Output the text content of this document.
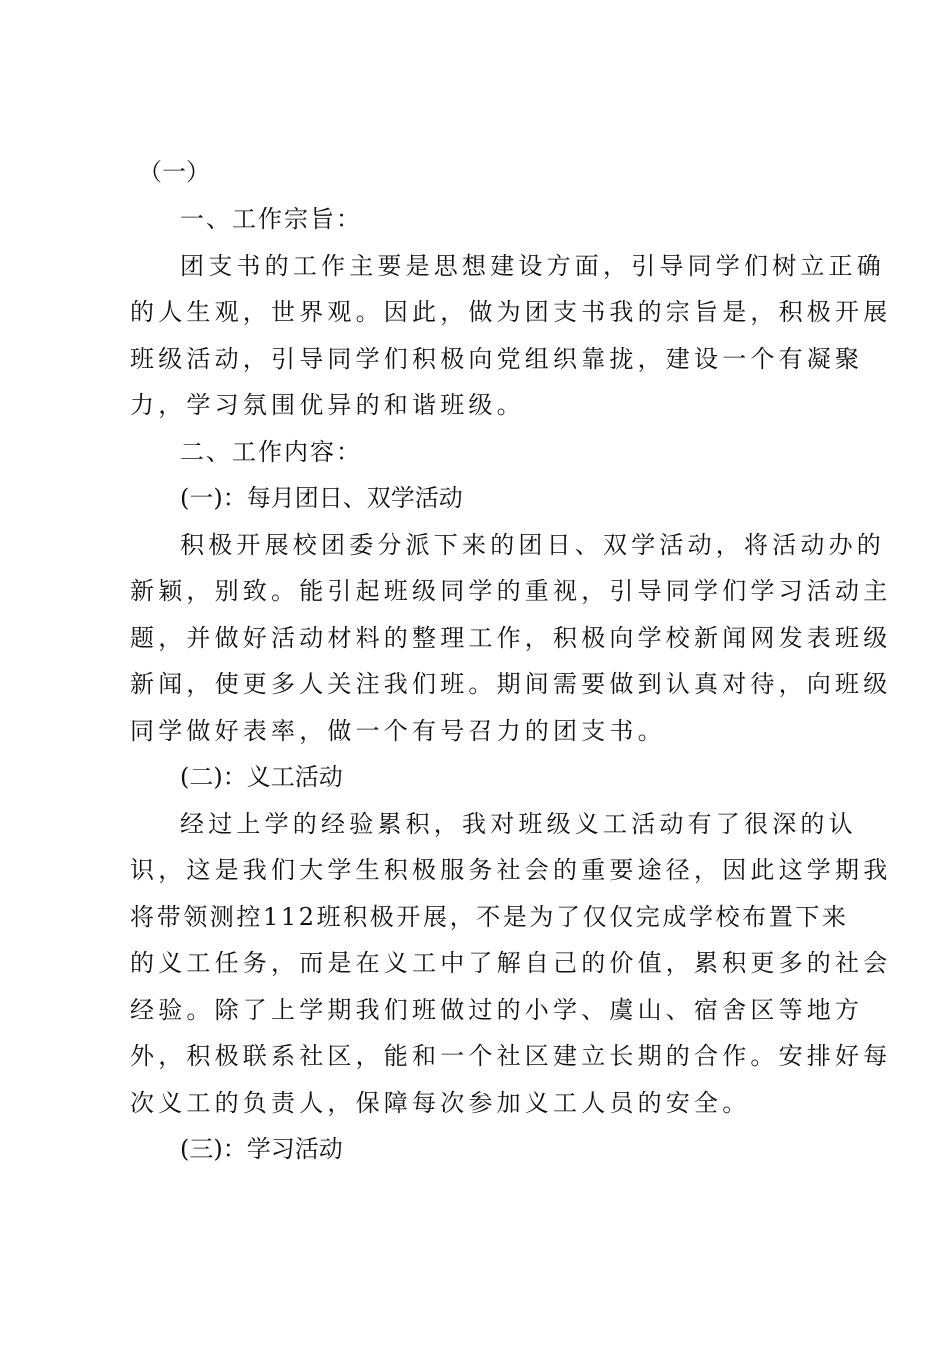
（一）

一、工作宗旨：

团支书的工作主要是思想建设方面，引导同学们树立正确

的人生观，世界观。因此，做为团支书我的宗旨是，积极开展

班级活动，引导同学们积极向党组织靠拢，建设一个有凝聚

力，学习氛围优异的和谐班级。

二、工作内容：

(一)：每月团日、双学活动

积极开展校团委分派下来的团日、双学活动，将活动办的

新颖，别致。能引起班级同学的重视，引导同学们学习活动主

题，并做好活动材料的整理工作，积极向学校新闻网发表班级

新闻，使更多人关注我们班。期间需要做到认真对待，向班级

同学做好表率，做一个有号召力的团支书。

(二)：义工活动

经过上学的经验累积，我对班级义工活动有了很深的认

识，这是我们大学生积极服务社会的重要途径，因此这学期我

将带领测控112班积极开展，不是为了仅仅完成学校布置下来

的义工任务，而是在义工中了解自己的价值，累积更多的社会

经验。除了上学期我们班做过的小学、虞山、宿舍区等地方

外，积极联系社区，能和一个社区建立长期的合作。安排好每

次义工的负责人，保障每次参加义工人员的安全。

(三)：学习活动
